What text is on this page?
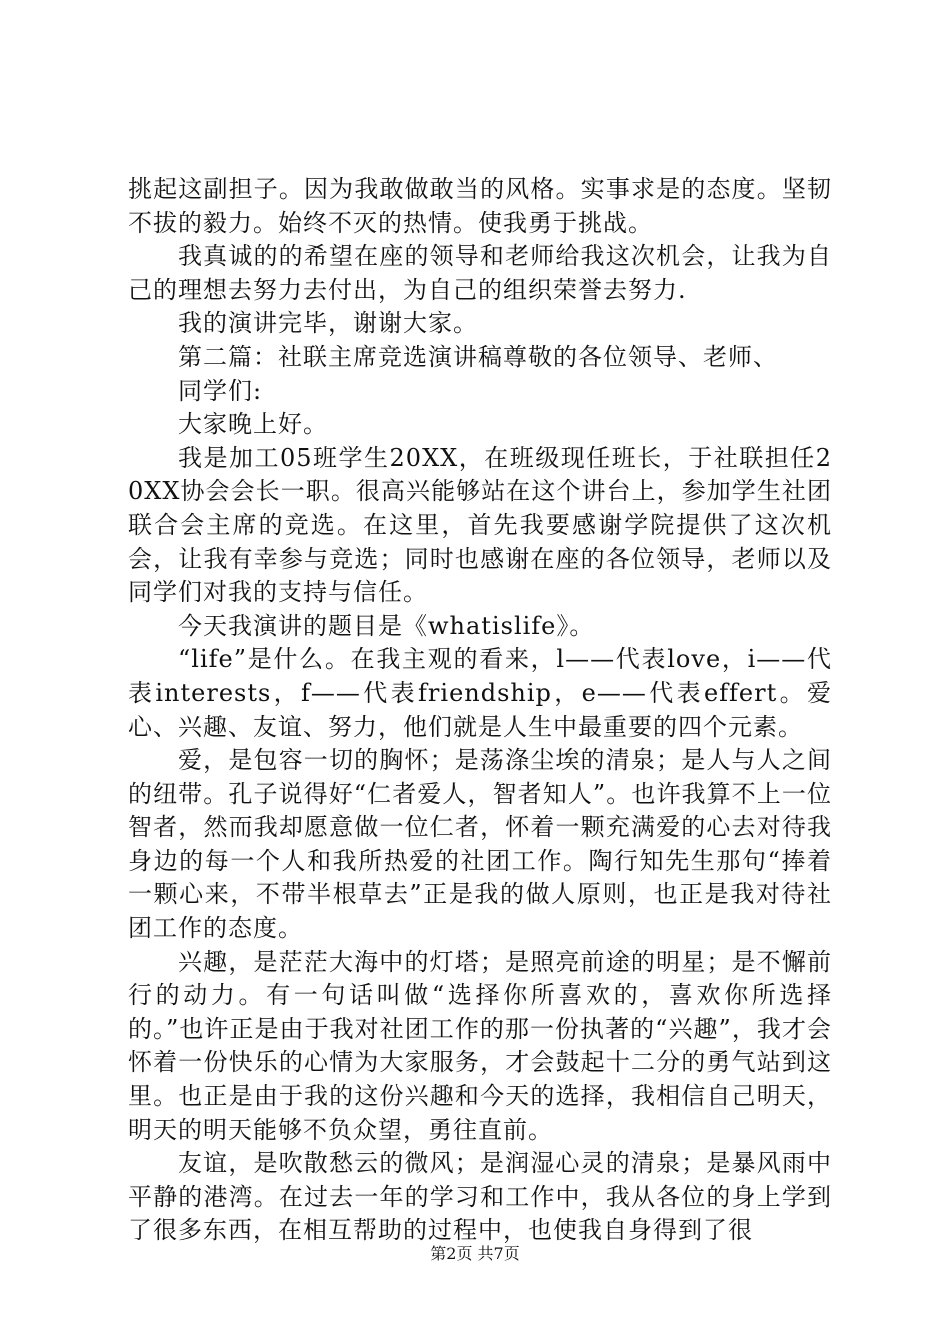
挑起这副担子。因为我敢做敢当的风格。实事求是的态度。坚韧不拔的毅力。始终不灭的热情。使我勇于挑战。

我真诚的的希望在座的领导和老师给我这次机会，让我为自己的理想去努力去付出，为自己的组织荣誉去努力.

我的演讲完毕，谢谢大家。

第二篇：社联主席竞选演讲稿尊敬的各位领导、老师、

同学们:

大家晚上好。

我是加工05班学生20XX，在班级现任班长，于社联担任20XX协会会长一职。很高兴能够站在这个讲台上，参加学生社团联合会主席的竞选。在这里，首先我要感谢学院提供了这次机会，让我有幸参与竞选；同时也感谢在座的各位领导，老师以及同学们对我的支持与信任。

今天我演讲的题目是《whatislife》。

“life”是什么。在我主观的看来，l——代表love，i——代表interests，f——代表friendship，e——代表effert。爱心、兴趣、友谊、努力，他们就是人生中最重要的四个元素。

爱，是包容一切的胸怀；是荡涤尘埃的清泉；是人与人之间的纽带。孔子说得好“仁者爱人，智者知人”。也许我算不上一位智者，然而我却愿意做一位仁者，怀着一颗充满爱的心去对待我身边的每一个人和我所热爱的社团工作。陶行知先生那句“捧着一颗心来，不带半根草去”正是我的做人原则，也正是我对待社团工作的态度。

兴趣，是茫茫大海中的灯塔；是照亮前途的明星；是不懈前行的动力。有一句话叫做“选择你所喜欢的，喜欢你所选择的。”也许正是由于我对社团工作的那一份执著的“兴趣”，我才会怀着一份快乐的心情为大家服务，才会鼓起十二分的勇气站到这里。也正是由于我的这份兴趣和今天的选择，我相信自己明天，明天的明天能够不负众望，勇往直前。

友谊，是吹散愁云的微风；是润湿心灵的清泉；是暴风雨中平静的港湾。在过去一年的学习和工作中，我从各位的身上学到了很多东西，在相互帮助的过程中，也使我自身得到了很

第2页 共7页
